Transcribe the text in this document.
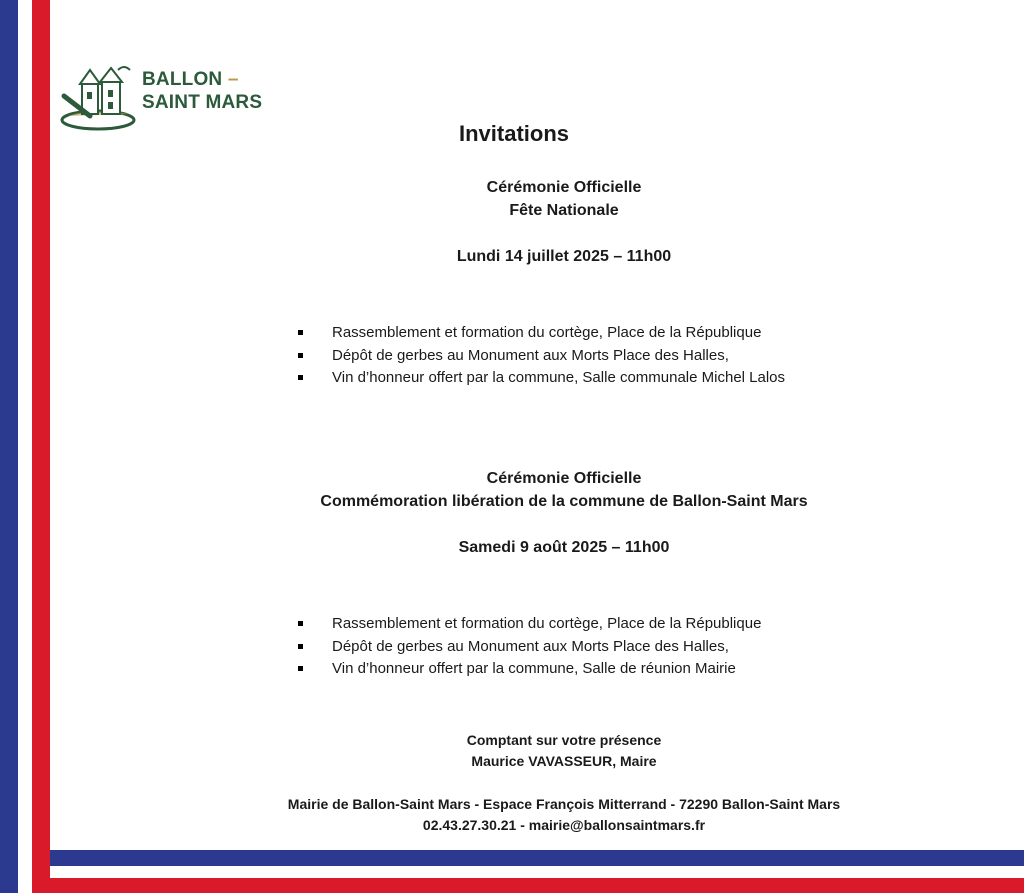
BALLON –
SAINT MARS
Invitations
Cérémonie Officielle
Fête Nationale
Lundi 14 juillet 2025 – 11h00
Rassemblement et formation du cortège, Place de la République
Dépôt de gerbes au Monument aux Morts Place des Halles,
Vin d’honneur offert par la commune, Salle communale Michel Lalos
Cérémonie Officielle
Commémoration libération de la commune de Ballon-Saint Mars
Samedi 9 août 2025 – 11h00
Rassemblement et formation du cortège, Place de la République
Dépôt de gerbes au Monument aux Morts Place des Halles,
Vin d’honneur offert par la commune, Salle de réunion Mairie
Comptant sur votre présence
Maurice VAVASSEUR, Maire
Mairie de Ballon-Saint Mars - Espace François Mitterrand - 72290 Ballon-Saint Mars
02.43.27.30.21 - mairie@ballonsaintmars.fr
